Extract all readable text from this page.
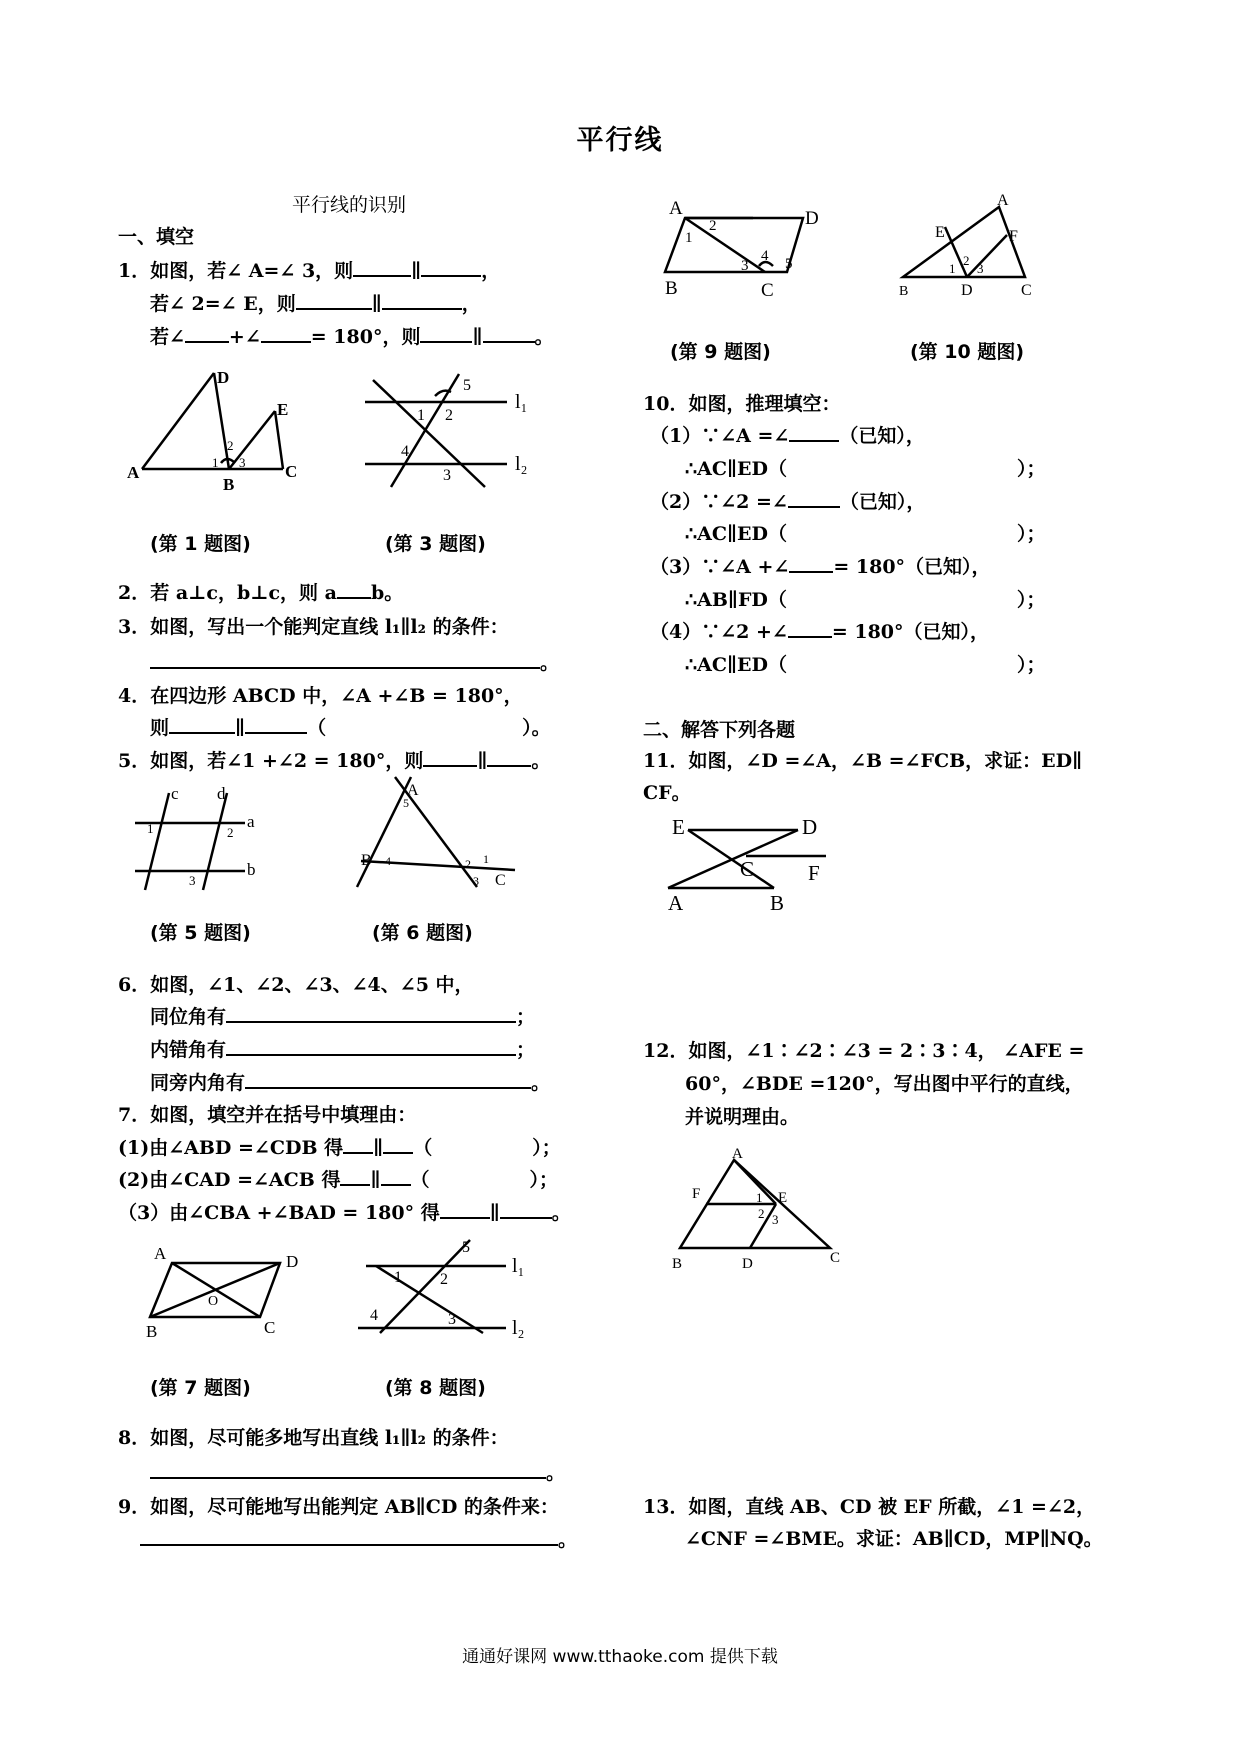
平行线
平行线的识别
一、填空
1．如图，若∠ A=∠ 3，则	∥	，
若∠ 2=∠ E，则	∥	，
若∠ +∠	= 180°，则	∥	。
D
E
A
B
C
1
2
3
5
1 2
4
3
l₁
l₂
(第 1 题图)	(第 3 题图)
2．若 a⊥c，b⊥c，则 a b。
3．如图，写出一个能判定直线 l₁∥l₂ 的条件：
。
4．在四边形 ABCD 中，∠A +∠B = 180°，
则	∥	（	）。
5．如图，若∠1 +∠2 = 180°，则	∥ 。
c d
a
b
1	2
3
A
5
B 4	2 1
3 C
(第 5 题图)	(第 6 题图)
6．如图，∠1、∠2、∠3、∠4、∠5 中，
同位角有	；
内错角有	；
同旁内角有	。
7．如图，填空并在括号中填理由：
(1)由∠ABD =∠CDB 得 ∥ （	）；
(2)由∠CAD =∠ACB 得 ∥ （	）；
（3）由∠CBA +∠BAD = 180° 得	∥	。
A	D
B	C
O
5
1 2
l₁
4	3	l₂
(第 7 题图)	(第 8 题图)
8．如图，尽可能多地写出直线 l₁∥l₂ 的条件：
。
9．如图，尽可能地写出能判定 AB∥CD 的条件来：
。
A	D
1
2
3
4 5
B	C
A
E	F
1
2
3
B	D	C
(第 9 题图)	(第 10 题图)
10．如图，推理填空：
（1）∵∠A =∠	（已知），
∴AC∥ED（	）；
（2）∵∠2 =∠	（已知），
∴AC∥ED（	）；
（3）∵∠A +∠ = 180°（已知），
∴AB∥FD（	）；
（4）∵∠2 +∠ = 180°（已知），
∴AC∥ED（	）；
二、解答下列各题
11．如图，∠D =∠A，∠B =∠FCB，求证：ED∥
CF。
E	D
C	F
A	B
12．如图，∠1∶∠2∶∠3 = 2∶3∶4， ∠AFE =
60°，∠BDE =120°，写出图中平行的直线，
并说明理由。
A
F	1 E
2 3
B	D	C
13．如图，直线 AB、CD 被 EF 所截，∠1 =∠2，
∠CNF =∠BME。求证：AB∥CD，MP∥NQ。
通通好课网 www.tthaoke.com 提供下载
